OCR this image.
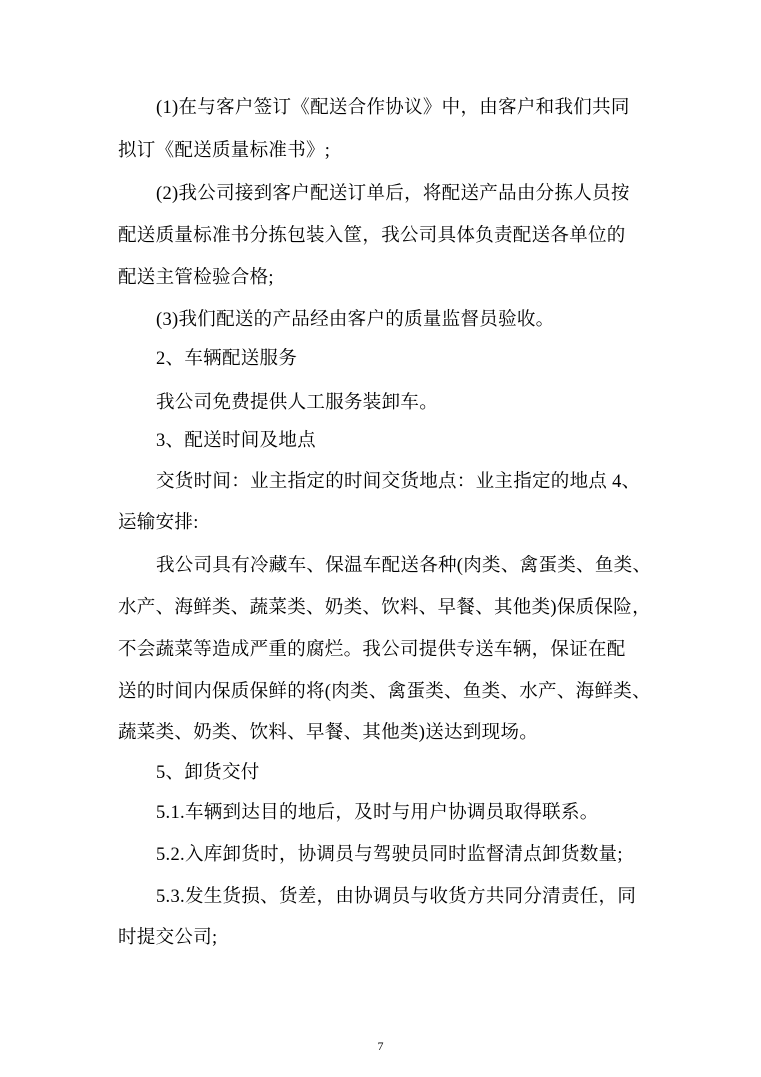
(1)在与客户签订《配送合作协议》中，由客户和我们共同
拟订《配送质量标准书》;
(2)我公司接到客户配送订单后，将配送产品由分拣人员按
配送质量标准书分拣包装入筐，我公司具体负责配送各单位的
配送主管检验合格;
(3)我们配送的产品经由客户的质量监督员验收。
2、车辆配送服务
我公司免费提供人工服务装卸车。
3、配送时间及地点
交货时间：业主指定的时间交货地点：业主指定的地点 4、
运输安排:
我公司具有冷藏车、保温车配送各种(肉类、禽蛋类、鱼类、
水产、海鲜类、蔬菜类、奶类、饮料、早餐、其他类)保质保险，
不会蔬菜等造成严重的腐烂。我公司提供专送车辆，保证在配
送的时间内保质保鲜的将(肉类、禽蛋类、鱼类、水产、海鲜类、
蔬菜类、奶类、饮料、早餐、其他类)送达到现场。
5、卸货交付
5.1.车辆到达目的地后，及时与用户协调员取得联系。
5.2.入库卸货时，协调员与驾驶员同时监督清点卸货数量;
5.3.发生货损、货差，由协调员与收货方共同分清责任，同
时提交公司;
7
